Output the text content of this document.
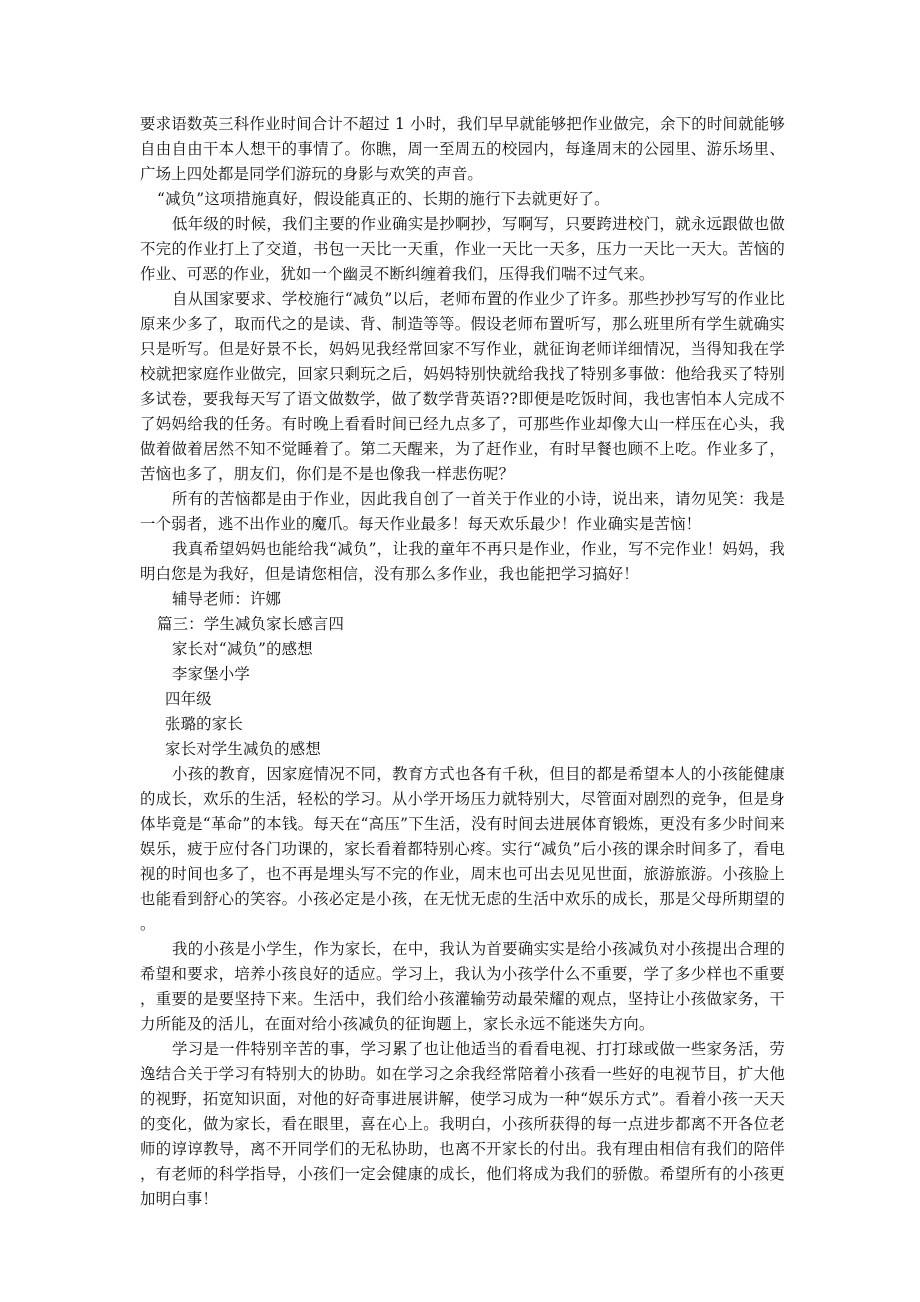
要求语数英三科作业时间合计不超过 1 小时，我们早早就能够把作业做完，余下的时间就能够自由自由干本人想干的事情了。你瞧，周一至周五的校园内，每逢周末的公园里、游乐场里、广场上四处都是同学们游玩的身影与欢笑的声音。

“减负”这项措施真好，假设能真正的、长期的施行下去就更好了。

低年级的时候，我们主要的作业确实是抄啊抄，写啊写，只要跨进校门，就永远跟做也做不完的作业打上了交道，书包一天比一天重，作业一天比一天多，压力一天比一天大。苦恼的作业、可恶的作业，犹如一个幽灵不断纠缠着我们，压得我们喘不过气来。

自从国家要求、学校施行“减负”以后，老师布置的作业少了许多。那些抄抄写写的作业比原来少多了，取而代之的是读、背、制造等等。假设老师布置听写，那么班里所有学生就确实只是听写。但是好景不长，妈妈见我经常回家不写作业，就征询老师详细情况，当得知我在学校就把家庭作业做完，回家只剩玩之后，妈妈特别快就给我找了特别多事做：他给我买了特别多试卷，要我每天写了语文做数学，做了数学背英语??即便是吃饭时间，我也害怕本人完成不了妈妈给我的任务。有时晚上看看时间已经九点多了，可那些作业却像大山一样压在心头，我做着做着居然不知不觉睡着了。第二天醒来，为了赶作业，有时早餐也顾不上吃。作业多了，苦恼也多了，朋友们，你们是不是也像我一样悲伤呢？

所有的苦恼都是由于作业，因此我自创了一首关于作业的小诗，说出来，请勿见笑：我是一个弱者，逃不出作业的魔爪。每天作业最多！每天欢乐最少！作业确实是苦恼！

我真希望妈妈也能给我“减负”，让我的童年不再只是作业，作业，写不完作业！妈妈，我明白您是为我好，但是请您相信，没有那么多作业，我也能把学习搞好！

辅导老师：许娜

篇三：学生减负家长感言四

家长对“减负”的感想

李家堡小学

四年级

张璐的家长

家长对学生减负的感想

小孩的教育，因家庭情况不同，教育方式也各有千秋，但目的都是希望本人的小孩能健康的成长，欢乐的生活，轻松的学习。从小学开场压力就特别大，尽管面对剧烈的竞争，但是身体毕竟是“革命”的本钱。每天在“高压”下生活，没有时间去进展体育锻炼，更没有多少时间来娱乐，疲于应付各门功课的，家长看着都特别心疼。实行“减负”后小孩的课余时间多了，看电视的时间也多了，也不再是埋头写不完的作业，周末也可出去见见世面，旅游旅游。小孩脸上也能看到舒心的笑容。小孩必定是小孩，在无忧无虑的生活中欢乐的成长，那是父母所期望的。

我的小孩是小学生，作为家长，在中，我认为首要确实实是给小孩减负对小孩提出合理的希望和要求，培养小孩良好的适应。学习上，我认为小孩学什么不重要，学了多少样也不重要，重要的是要坚持下来。生活中，我们给小孩灌输劳动最荣耀的观点，坚持让小孩做家务，干力所能及的活儿，在面对给小孩减负的征询题上，家长永远不能迷失方向。

学习是一件特别辛苦的事，学习累了也让他适当的看看电视、打打球或做一些家务活，劳逸结合关于学习有特别大的协助。如在学习之余我经常陪着小孩看一些好的电视节目，扩大他的视野，拓宽知识面，对他的好奇事进展讲解，使学习成为一种“娱乐方式”。看着小孩一天天的变化，做为家长，看在眼里，喜在心上。我明白，小孩所获得的每一点进步都离不开各位老师的谆谆教导，离不开同学们的无私协助，也离不开家长的付出。我有理由相信有我们的陪伴，有老师的科学指导，小孩们一定会健康的成长，他们将成为我们的骄傲。希望所有的小孩更加明白事！
